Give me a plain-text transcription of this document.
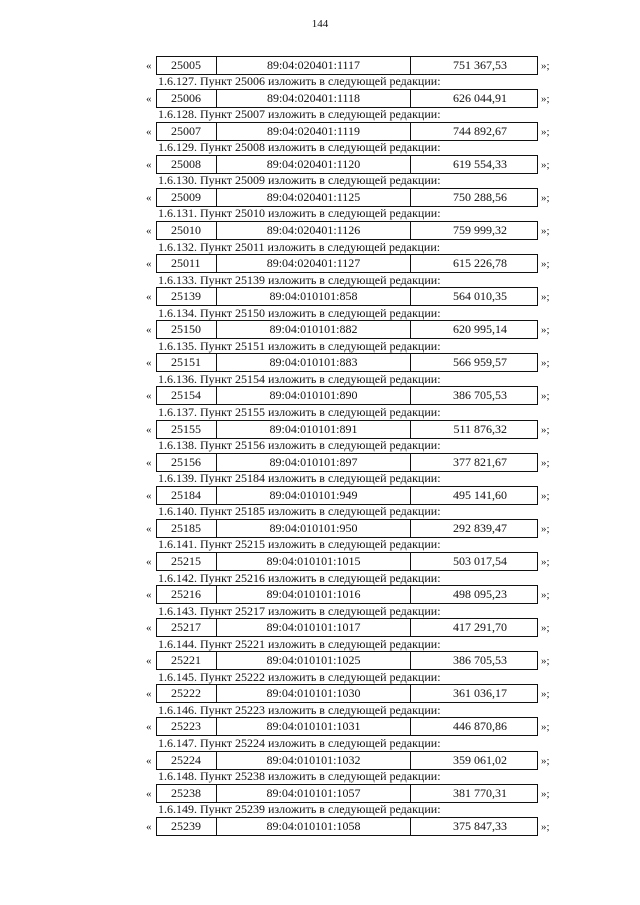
144
«	25005	89:04:020401:1117	751 367,53	»;
1.6.127. Пункт 25006 изложить в следующей редакции:
«	25006	89:04:020401:1118	626 044,91	»;
1.6.128. Пункт 25007 изложить в следующей редакции:
«	25007	89:04:020401:1119	744 892,67	»;
1.6.129. Пункт 25008 изложить в следующей редакции:
«	25008	89:04:020401:1120	619 554,33	»;
1.6.130. Пункт 25009 изложить в следующей редакции:
«	25009	89:04:020401:1125	750 288,56	»;
1.6.131. Пункт 25010 изложить в следующей редакции:
«	25010	89:04:020401:1126	759 999,32	»;
1.6.132. Пункт 25011 изложить в следующей редакции:
«	25011	89:04:020401:1127	615 226,78	»;
1.6.133. Пункт 25139 изложить в следующей редакции:
«	25139	89:04:010101:858	564 010,35	»;
1.6.134. Пункт 25150 изложить в следующей редакции:
«	25150	89:04:010101:882	620 995,14	»;
1.6.135. Пункт 25151 изложить в следующей редакции:
«	25151	89:04:010101:883	566 959,57	»;
1.6.136. Пункт 25154 изложить в следующей редакции:
«	25154	89:04:010101:890	386 705,53	»;
1.6.137. Пункт 25155 изложить в следующей редакции:
«	25155	89:04:010101:891	511 876,32	»;
1.6.138. Пункт 25156 изложить в следующей редакции:
«	25156	89:04:010101:897	377 821,67	»;
1.6.139. Пункт 25184 изложить в следующей редакции:
«	25184	89:04:010101:949	495 141,60	»;
1.6.140. Пункт 25185 изложить в следующей редакции:
«	25185	89:04:010101:950	292 839,47	»;
1.6.141. Пункт 25215 изложить в следующей редакции:
«	25215	89:04:010101:1015	503 017,54	»;
1.6.142. Пункт 25216 изложить в следующей редакции:
«	25216	89:04:010101:1016	498 095,23	»;
1.6.143. Пункт 25217 изложить в следующей редакции:
«	25217	89:04:010101:1017	417 291,70	»;
1.6.144. Пункт 25221 изложить в следующей редакции:
«	25221	89:04:010101:1025	386 705,53	»;
1.6.145. Пункт 25222 изложить в следующей редакции:
«	25222	89:04:010101:1030	361 036,17	»;
1.6.146. Пункт 25223 изложить в следующей редакции:
«	25223	89:04:010101:1031	446 870,86	»;
1.6.147. Пункт 25224 изложить в следующей редакции:
«	25224	89:04:010101:1032	359 061,02	»;
1.6.148. Пункт 25238 изложить в следующей редакции:
«	25238	89:04:010101:1057	381 770,31	»;
1.6.149. Пункт 25239 изложить в следующей редакции:
«	25239	89:04:010101:1058	375 847,33	»;
